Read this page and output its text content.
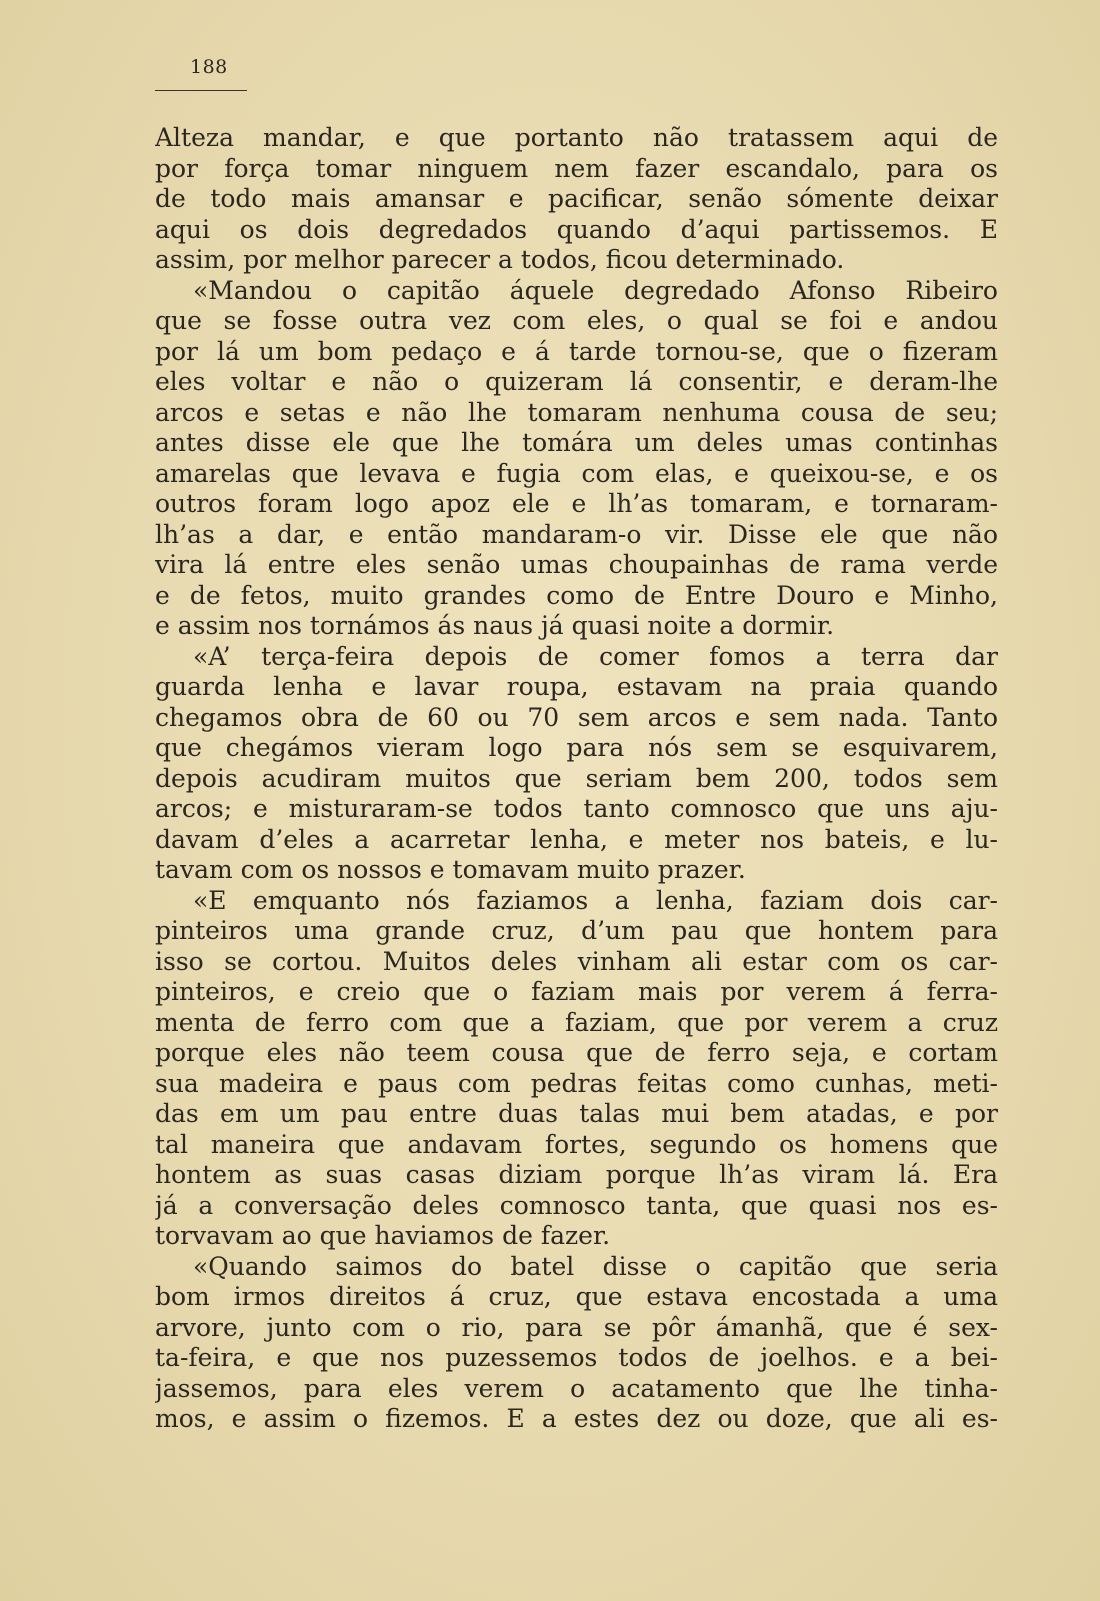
188
Alteza mandar, e que portanto não tratassem aqui de
por força tomar ninguem nem fazer escandalo, para os
de todo mais amansar e pacificar, senão sómente deixar
aqui os dois degredados quando d’aqui partissemos. E
assim, por melhor parecer a todos, ficou determinado.
«Mandou o capitão áquele degredado Afonso Ribeiro
que se fosse outra vez com eles, o qual se foi e andou
por lá um bom pedaço e á tarde tornou-se, que o fizeram
eles voltar e não o quizeram lá consentir, e deram-lhe
arcos e setas e não lhe tomaram nenhuma cousa de seu;
antes disse ele que lhe tomára um deles umas continhas
amarelas que levava e fugia com elas, e queixou-se, e os
outros foram logo apoz ele e lh’as tomaram, e tornaram-
lh’as a dar, e então mandaram-o vir. Disse ele que não
vira lá entre eles senão umas choupainhas de rama verde
e de fetos, muito grandes como de Entre Douro e Minho,
e assim nos tornámos ás naus já quasi noite a dormir.
«A’ terça-feira depois de comer fomos a terra dar
guarda lenha e lavar roupa, estavam na praia quando
chegamos obra de 60 ou 70 sem arcos e sem nada. Tanto
que chegámos vieram logo para nós sem se esquivarem,
depois acudiram muitos que seriam bem 200, todos sem
arcos; e misturaram-se todos tanto comnosco que uns aju-
davam d’eles a acarretar lenha, e meter nos bateis, e lu-
tavam com os nossos e tomavam muito prazer.
«E emquanto nós faziamos a lenha, faziam dois car-
pinteiros uma grande cruz, d’um pau que hontem para
isso se cortou. Muitos deles vinham ali estar com os car-
pinteiros, e creio que o faziam mais por verem á ferra-
menta de ferro com que a faziam, que por verem a cruz
porque eles não teem cousa que de ferro seja, e cortam
sua madeira e paus com pedras feitas como cunhas, meti-
das em um pau entre duas talas mui bem atadas, e por
tal maneira que andavam fortes, segundo os homens que
hontem as suas casas diziam porque lh’as viram lá. Era
já a conversação deles comnosco tanta, que quasi nos es-
torvavam ao que haviamos de fazer.
«Quando saimos do batel disse o capitão que seria
bom irmos direitos á cruz, que estava encostada a uma
arvore, junto com o rio, para se pôr ámanhã, que é sex-
ta-feira, e que nos puzessemos todos de joelhos. e a bei-
jassemos, para eles verem o acatamento que lhe tinha-
mos, e assim o fizemos. E a estes dez ou doze, que ali es-
